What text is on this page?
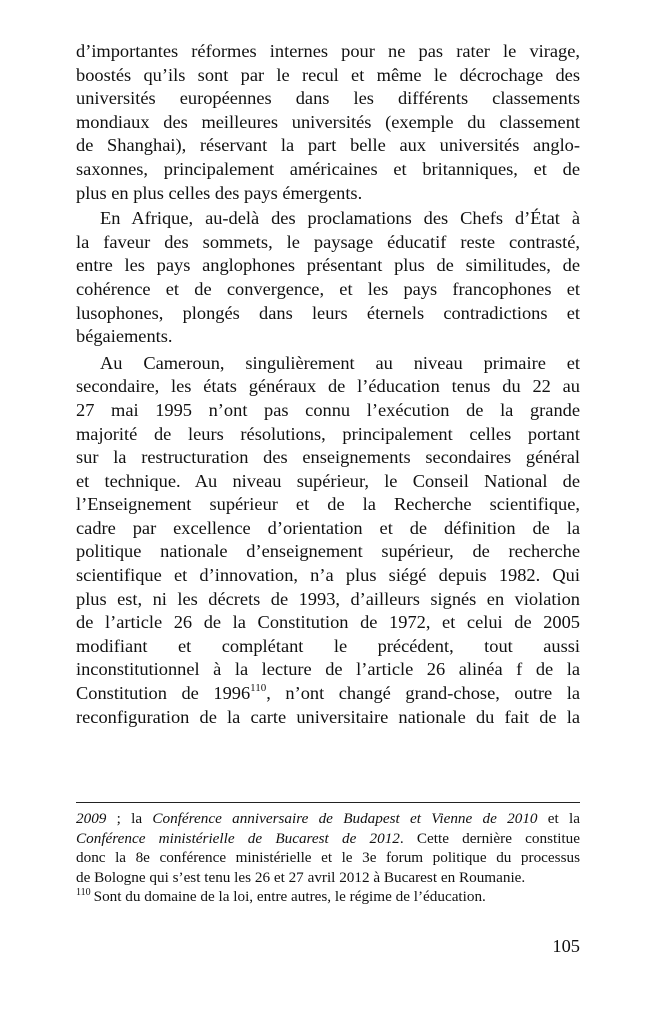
d’importantes réformes internes pour ne pas rater le virage,
boostés qu’ils sont par le recul et même le décrochage des
universités européennes dans les différents classements
mondiaux des meilleures universités (exemple du classement
de Shanghai), réservant la part belle aux universités anglo-
saxonnes, principalement américaines et britanniques, et de
plus en plus celles des pays émergents.
En Afrique, au-delà des proclamations des Chefs d’État à
la faveur des sommets, le paysage éducatif reste contrasté,
entre les pays anglophones présentant plus de similitudes, de
cohérence et de convergence, et les pays francophones et
lusophones, plongés dans leurs éternels contradictions et
bégaiements.
Au Cameroun, singulièrement au niveau primaire et
secondaire, les états généraux de l’éducation tenus du 22 au
27 mai 1995 n’ont pas connu l’exécution de la grande
majorité de leurs résolutions, principalement celles portant
sur la restructuration des enseignements secondaires général
et technique. Au niveau supérieur, le Conseil National de
l’Enseignement supérieur et de la Recherche scientifique,
cadre par excellence d’orientation et de définition de la
politique nationale d’enseignement supérieur, de recherche
scientifique et d’innovation, n’a plus siégé depuis 1982. Qui
plus est, ni les décrets de 1993, d’ailleurs signés en violation
de l’article 26 de la Constitution de 1972, et celui de 2005
modifiant et complétant le précédent, tout aussi
inconstitutionnel à la lecture de l’article 26 alinéa f de la
Constitution de 1996$^{110}$, n’ont changé grand-chose, outre la
reconfiguration de la carte universitaire nationale du fait de la
2009 ; la Conférence anniversaire de Budapest et Vienne de 2010 et la
Conférence ministérielle de Bucarest de 2012. Cette dernière constitue
donc la 8e conférence ministérielle et le 3e forum politique du processus
de Bologne qui s’est tenu les 26 et 27 avril 2012 à Bucarest en Roumanie.
$^{110}$ Sont du domaine de la loi, entre autres, le régime de l’éducation.
105
